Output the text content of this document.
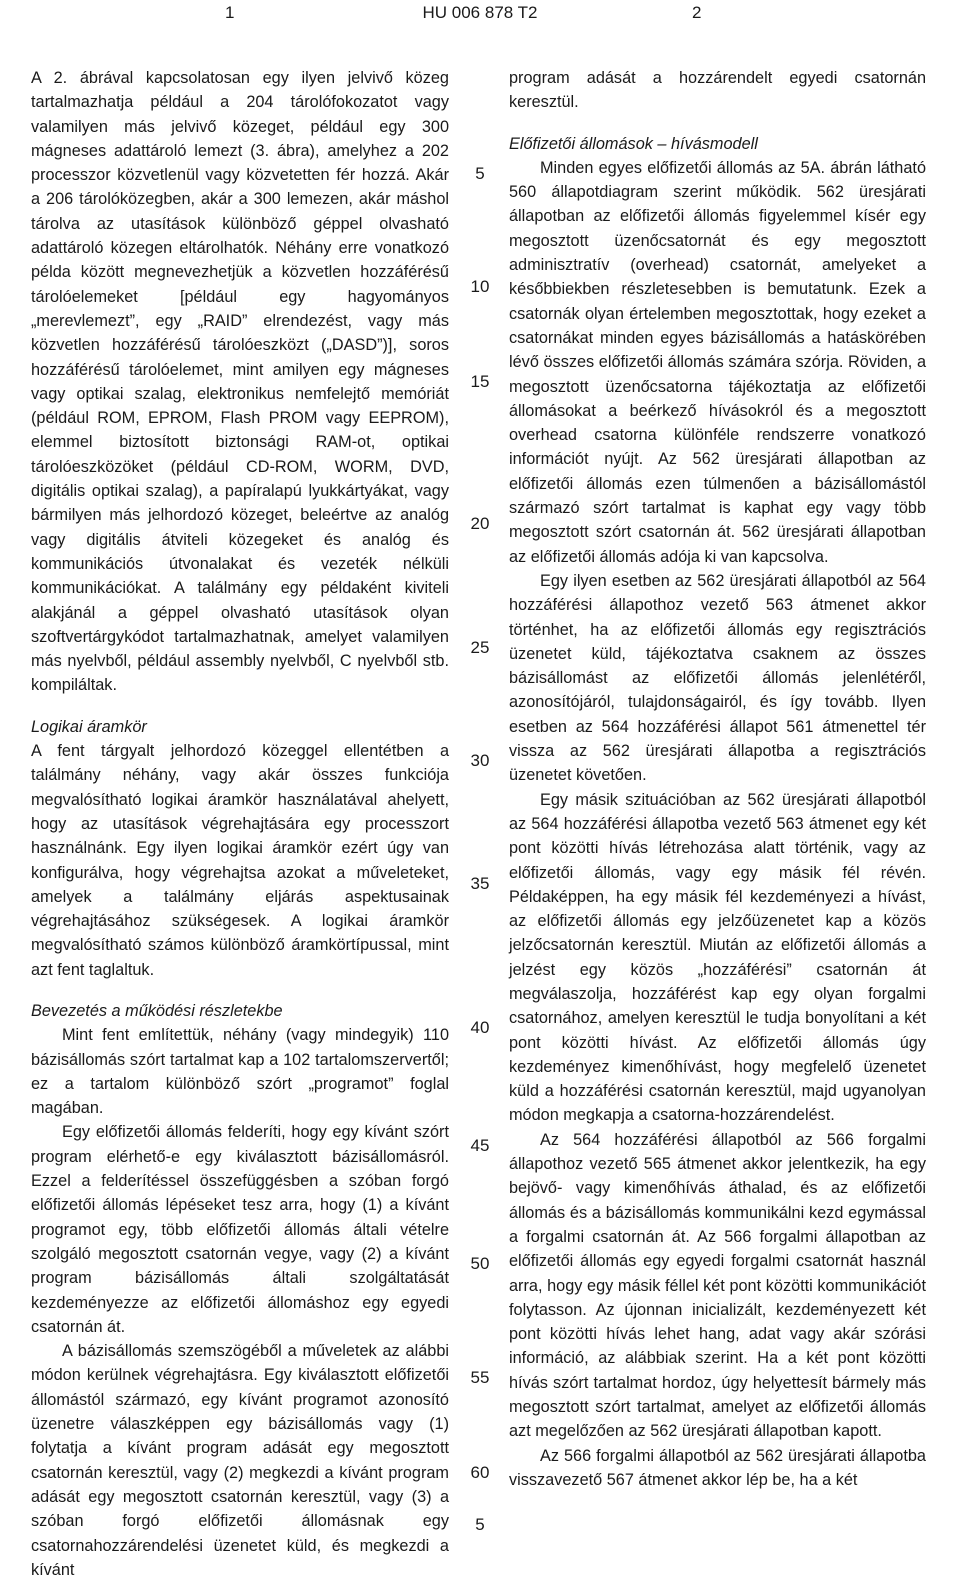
1	HU 006 878 T2	2

A 2. ábrával kapcsolatosan egy ilyen jelvivő közeg tartalmazhatja például a 204 tárolófokozatot vagy valamilyen más jelvivő közeget, például egy 300 mágneses adattároló lemezt (3. ábra), amelyhez a 202 processzor közvetlenül vagy közvetetten fér hozzá. Akár a 206 tárolóközegben, akár a 300 lemezen, akár máshol tárolva az utasítások különböző géppel olvasható adattároló közegen eltárolhatók. Néhány erre vonatkozó példa között megnevezhetjük a közvetlen hozzáférésű tárolóelemeket [például egy hagyományos „merevlemezt”, egy „RAID” elrendezést, vagy más közvetlen hozzáférésű tárolóeszközt („DASD”)], soros hozzáférésű tárolóelemet, mint amilyen egy mágneses vagy optikai szalag, elektronikus nemfelejtő memóriát (például ROM, EPROM, Flash PROM vagy EEPROM), elemmel biztosított biztonsági RAM-ot, optikai tárolóeszközöket (például CD-ROM, WORM, DVD, digitális optikai szalag), a papíralapú lyukkártyákat, vagy bármilyen más jelhordozó közeget, beleértve az analóg vagy digitális átviteli közegeket és analóg és kommunikációs útvonalakat és vezeték nélküli kommunikációkat. A találmány egy példaként kiviteli alakjánál a géppel olvasható utasítások olyan szoftvertárgykódot tartalmazhatnak, amelyet valamilyen más nyelvből, például assembly nyelvből, C nyelvből stb. kompiláltak.

Logikai áramkör

A fent tárgyalt jelhordozó közeggel ellentétben a találmány néhány, vagy akár összes funkciója megvalósítható logikai áramkör használatával ahelyett, hogy az utasítások végrehajtására egy processzort használnánk. Egy ilyen logikai áramkör ezért úgy van konfigurálva, hogy végrehajtsa azokat a műveleteket, amelyek a találmány eljárás aspektusainak végrehajtásához szükségesek. A logikai áramkör megvalósítható számos különböző áramkörtípussal, mint azt fent taglaltuk.

Bevezetés a működési részletekbe

Mint fent említettük, néhány (vagy mindegyik) 110 bázisállomás szórt tartalmat kap a 102 tartalomszervertől; ez a tartalom különböző szórt „programot” foglal magában.

Egy előfizetői állomás felderíti, hogy egy kívánt szórt program elérhető-e egy kiválasztott bázisállomásról. Ezzel a felderítéssel összefüggésben a szóban forgó előfizetői állomás lépéseket tesz arra, hogy (1) a kívánt programot egy, több előfizetői állomás általi vételre szolgáló megosztott csatornán vegye, vagy (2) a kívánt program bázisállomás általi szolgáltatását kezdeményezze az előfizetői állomáshoz egy egyedi csatornán át.

A bázisállomás szemszögéből a műveletek az alábbi módon kerülnek végrehajtásra. Egy kiválasztott előfizetői állomástól származó, egy kívánt programot azonosító üzenetre válaszképpen egy bázisállomás vagy (1) folytatja a kívánt program adását egy megosztott csatornán keresztül, vagy (2) megkezdi a kívánt program adását egy megosztott csatornán keresztül, vagy (3) a szóban forgó előfizetői állomásnak egy csatornahozzárendelési üzenetet küld, és megkezdi a kívánt

program adását a hozzárendelt egyedi csatornán keresztül.

Előfizetői állomások – hívásmodell

Minden egyes előfizetői állomás az 5A. ábrán látható 560 állapotdiagram szerint működik. 562 üresjárati állapotban az előfizetői állomás figyelemmel kísér egy megosztott üzenőcsatornát és egy megosztott adminisztratív (overhead) csatornát, amelyeket a későbbiekben részletesebben is bemutatunk. Ezek a csatornák olyan értelemben megosztottak, hogy ezeket a csatornákat minden egyes bázisállomás a hatáskörében lévő összes előfizetői állomás számára szórja. Röviden, a megosztott üzenőcsatorna tájékoztatja az előfizetői állomásokat a beérkező hívásokról és a megosztott overhead csatorna különféle rendszerre vonatkozó információt nyújt. Az 562 üresjárati állapotban az előfizetői állomás ezen túlmenően a bázisállomástól származó szórt tartalmat is kaphat egy vagy több megosztott szórt csatornán át. 562 üresjárati állapotban az előfizetői állomás adója ki van kapcsolva.

Egy ilyen esetben az 562 üresjárati állapotból az 564 hozzáférési állapothoz vezető 563 átmenet akkor történhet, ha az előfizetői állomás egy regisztrációs üzenetet küld, tájékoztatva csaknem az összes bázisállomást az előfizetői állomás jelenlétéről, azonosítójáról, tulajdonságairól, és így tovább. Ilyen esetben az 564 hozzáférési állapot 561 átmenettel tér vissza az 562 üresjárati állapotba a regisztrációs üzenetet követően.

Egy másik szituációban az 562 üresjárati állapotból az 564 hozzáférési állapotba vezető 563 átmenet egy két pont közötti hívás létrehozása alatt történik, vagy az előfizetői állomás, vagy egy másik fél révén. Példaképpen, ha egy másik fél kezdeményezi a hívást, az előfizetői állomás egy jelzőüzenetet kap a közös jelzőcsatornán keresztül. Miután az előfizetői állomás a jelzést egy közös „hozzáférési” csatornán át megválaszolja, hozzáférést kap egy olyan forgalmi csatornához, amelyen keresztül le tudja bonyolítani a két pont közötti hívást. Az előfizetői állomás úgy kezdeményez kimenőhívást, hogy megfelelő üzenetet küld a hozzáférési csatornán keresztül, majd ugyanolyan módon megkapja a csatorna-hozzárendelést.

Az 564 hozzáférési állapotból az 566 forgalmi állapothoz vezető 565 átmenet akkor jelentkezik, ha egy bejövő- vagy kimenőhívás áthalad, és az előfizetői állomás és a bázisállomás kommunikálni kezd egymással a forgalmi csatornán át. Az 566 forgalmi állapotban az előfizetői állomás egy egyedi forgalmi csatornát használ arra, hogy egy másik féllel két pont közötti kommunikációt folytasson. Az újonnan inicializált, kezdeményezett két pont közötti hívás lehet hang, adat vagy akár szórási információ, az alábbiak szerint. Ha a két pont közötti hívás szórt tartalmat hordoz, úgy helyettesít bármely más megosztott szórt tartalmat, amelyet az előfizetői állomás azt megelőzően az 562 üresjárati állapotban kapott.

Az 566 forgalmi állapotból az 562 üresjárati állapotba visszavezető 567 átmenet akkor lép be, ha a két

5
10
15
20
25
30
35
40
45
50
55
60
5
